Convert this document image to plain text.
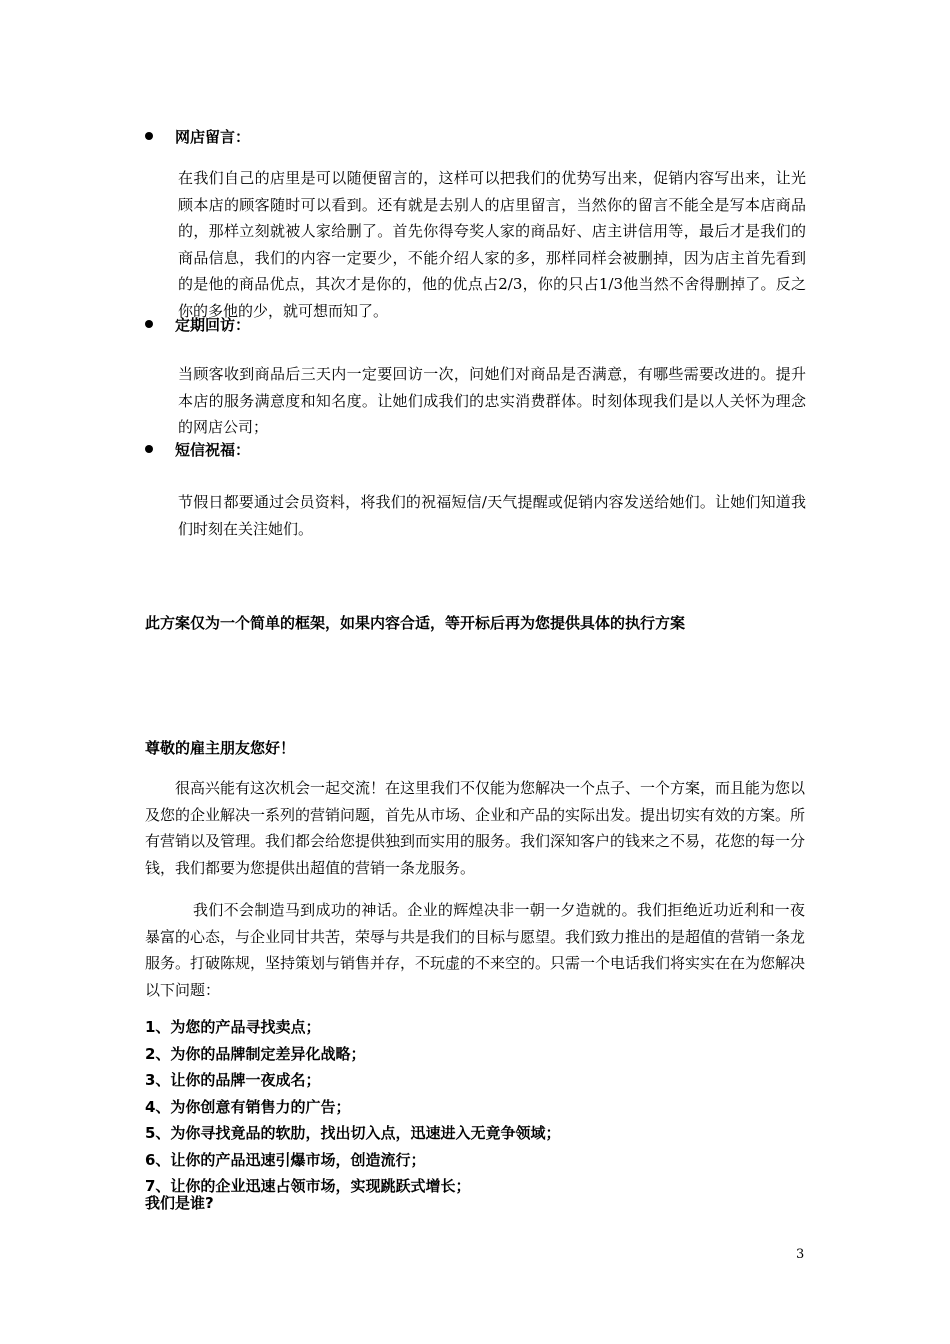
网店留言：

在我们自己的店里是可以随便留言的，这样可以把我们的优势写出来，促销内容写出来，让光顾本店的顾客随时可以看到。还有就是去别人的店里留言，当然你的留言不能全是写本店商品的，那样立刻就被人家给删了。首先你得夸奖人家的商品好、店主讲信用等，最后才是我们的商品信息，我们的内容一定要少，不能介绍人家的多，那样同样会被删掉，因为店主首先看到的是他的商品优点，其次才是你的，他的优点占2/3，你的只占1/3他当然不舍得删掉了。反之你的多他的少，就可想而知了。

定期回访：

当顾客收到商品后三天内一定要回访一次，问她们对商品是否满意，有哪些需要改进的。提升本店的服务满意度和知名度。让她们成我们的忠实消费群体。时刻体现我们是以人关怀为理念的网店公司；

短信祝福：

节假日都要通过会员资料，将我们的祝福短信/天气提醒或促销内容发送给她们。让她们知道我们时刻在关注她们。

此方案仅为一个简单的框架，如果内容合适，等开标后再为您提供具体的执行方案
尊敬的雇主朋友您好！

很高兴能有这次机会一起交流！在这里我们不仅能为您解决一个点子、一个方案，而且能为您以及您的企业解决一系列的营销问题，首先从市场、企业和产品的实际出发。提出切实有效的方案。所有营销以及管理。我们都会给您提供独到而实用的服务。我们深知客户的钱来之不易，花您的每一分钱，我们都要为您提供出超值的营销一条龙服务。

我们不会制造马到成功的神话。企业的辉煌决非一朝一夕造就的。我们拒绝近功近利和一夜暴富的心态，与企业同甘共苦，荣辱与共是我们的目标与愿望。我们致力推出的是超值的营销一条龙服务。打破陈规，坚持策划与销售并存，不玩虚的不来空的。只需一个电话我们将实实在在为您解决以下问题：

1、为您的产品寻找卖点；
2、为你的品牌制定差异化战略；
3、让你的品牌一夜成名；
4、为你创意有销售力的广告；
5、为你寻找竟品的软肋，找出切入点，迅速进入无竟争领域；
6、让你的产品迅速引爆市场，创造流行；
7、让你的企业迅速占领市场，实现跳跃式增长；
我们是谁?
3
